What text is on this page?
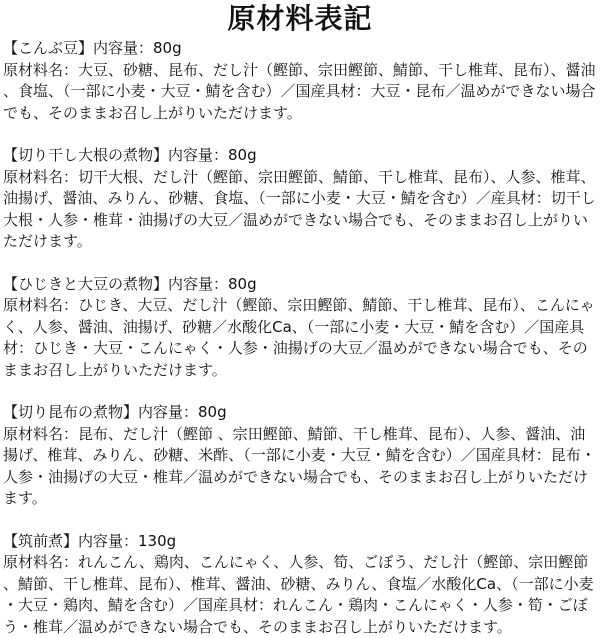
原材料表記
【こんぶ豆】内容量：80g
原材料名：大豆、砂糖、昆布、だし汁（鰹節、宗田鰹節、鯖節、干し椎茸、昆布）、醤油、食塩、（一部に小麦・大豆・鯖を含む）／国産具材：大豆・昆布／温めができない場合でも、そのままお召し上がりいただけます。
【切り干し大根の煮物】内容量：80g
原材料名：切干大根、だし汁（鰹節、宗田鰹節、鯖節、干し椎茸、昆布）、人参、椎茸、油揚げ、醤油、みりん、砂糖、食塩、（一部に小麦・大豆・鯖を含む）／産具材：切干し大根・人参・椎茸・油揚げの大豆／温めができない場合でも、そのままお召し上がりいただけます。
【ひじきと大豆の煮物】内容量：80g
原材料名：ひじき、大豆、だし汁（鰹節、宗田鰹節、鯖節、干し椎茸、昆布）、こんにゃく、人参、醤油、油揚げ、砂糖／水酸化Ca、（一部に小麦・大豆・鯖を含む）／国産具材：ひじき・大豆・こんにゃく・人参・油揚げの大豆／温めができない場合でも、そのままお召し上がりいただけます。
【切り昆布の煮物】内容量：80g
原材料名：昆布、だし汁（鰹節 、宗田鰹節、鯖節、干し椎茸、昆布）、人参、醤油、油揚げ、椎茸、みりん、砂糖、米酢、（一部に小麦・大豆・鯖を含む）／国産具材：昆布・人参・油揚げの大豆・椎茸／温めができない場合でも、そのままお召し上がりいただけます。
【筑前煮】内容量：130g
原材料名：れんこん、鶏肉、こんにゃく、人参、筍、ごぼう、だし汁（鰹節、宗田鰹節、鯖節、干し椎茸、昆布）、椎茸、醤油、砂糖、みりん、食塩／水酸化Ca、（一部に小麦・大豆・鶏肉、鯖を含む）／国産具材：れんこん・鶏肉・こんにゃく・人参・筍・ごぼう・椎茸／温めができない場合でも、そのままお召し上がりいただけます。
